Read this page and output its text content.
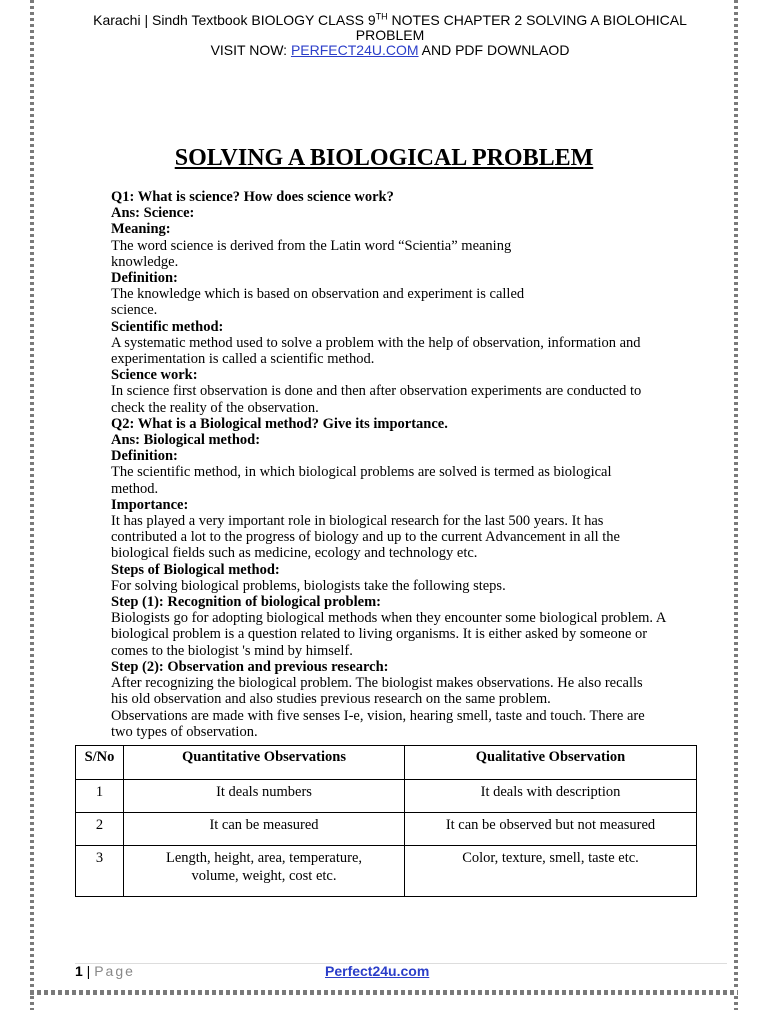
Karachi | Sindh Textbook BIOLOGY CLASS 9TH NOTES CHAPTER 2 SOLVING A BIOLOHICAL
PROBLEM
VISIT NOW: PERFECT24U.COM AND PDF DOWNLAOD
SOLVING A BIOLOGICAL PROBLEM

Q1: What is science? How does science work?

Ans: Science:

Meaning:

The word science is derived from the Latin word “Scientia” meaning

knowledge.

Definition:

The knowledge which is based on observation and experiment is called

science.

Scientific method:

A systematic method used to solve a problem with the help of observation, information and

experimentation is called a scientific method.

Science work:

In science first observation is done and then after observation experiments are conducted to

check the reality of the observation.

Q2: What is a Biological method? Give its importance.

Ans: Biological method:

Definition:

The scientific method, in which biological problems are solved is termed as biological

method.

Importance:

It has played a very important role in biological research for the last 500 years. It has

contributed a lot to the progress of biology and up to the current Advancement in all the

biological fields such as medicine, ecology and technology etc.

Steps of Biological method:

For solving biological problems, biologists take the following steps.

Step (1): Recognition of biological problem:

Biologists go for adopting biological methods when they encounter some biological problem. A

biological problem is a question related to living organisms. It is either asked by someone or

comes to the biologist 's mind by himself.

Step (2): Observation and previous research:

After recognizing the biological problem. The biologist makes observations. He also recalls

his old observation and also studies previous research on the same problem.

Observations are made with five senses I-e, vision, hearing smell, taste and touch. There are

two types of observation.

S/No	Quantitative Observations	Qualitative Observation
1	It deals numbers	It deals with description
2	It can be measured	It can be observed but not measured
3	Length, height, area, temperature,
volume, weight, cost etc.	Color, texture, smell, taste etc.
1 | Page	Perfect24u.com
